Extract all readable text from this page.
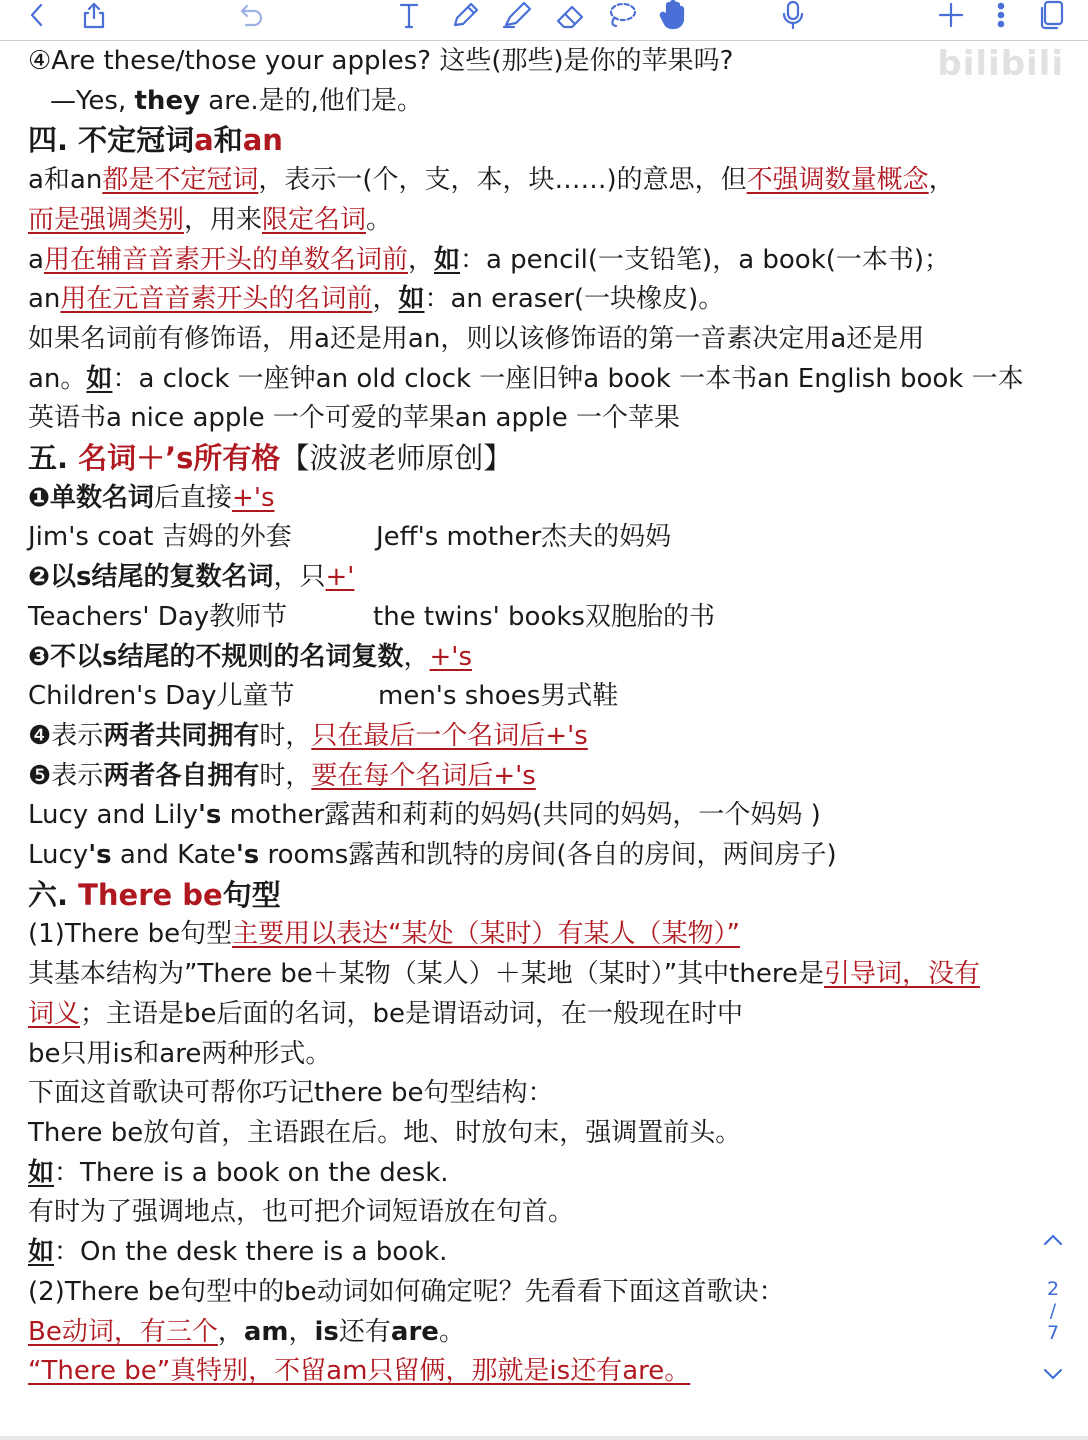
bilibili
④Are these/those your apples? 这些(那些)是你的苹果吗?
—Yes, they are.是的,他们是。
四. 不定冠词a和an
a和an都是不定冠词，表示一(个，支，本，块……)的意思，但不强调数量概念，
而是强调类别，用来限定名词。
a用在辅音音素开头的单数名词前，如：a pencil(一支铅笔)，a book(一本书)；
an用在元音音素开头的名词前，如：an eraser(一块橡皮)。
如果名词前有修饰语，用a还是用an，则以该修饰语的第一音素决定用a还是用
an。如：a clock 一座钟an old clock 一座旧钟a book 一本书an English book 一本
英语书a nice apple 一个可爱的苹果an apple 一个苹果
五. 名词＋’s所有格【波波老师原创】
❶单数名词后直接+'s
Jim's coat 吉姆的外套	Jeff's mother杰夫的妈妈
❷以s结尾的复数名词，只+'
Teachers' Day教师节	the twins' books双胞胎的书
❸不以s结尾的不规则的名词复数，+'s
Children's Day儿童节	men's shoes男式鞋
❹表示两者共同拥有时，只在最后一个名词后+'s
❺表示两者各自拥有时，要在每个名词后+'s
Lucy and Lily's mother露茜和莉莉的妈妈(共同的妈妈，一个妈妈 )
Lucy's and Kate's rooms露茜和凯特的房间(各自的房间，两间房子)
六. There be句型
(1)There be句型主要用以表达“某处（某时）有某人（某物）”
其基本结构为”There be＋某物（某人）＋某地（某时）”其中there是引导词，没有
词义；主语是be后面的名词，be是谓语动词，在一般现在时中
be只用is和are两种形式。
下面这首歌诀可帮你巧记there be句型结构：
There be放句首，主语跟在后。地、时放句末，强调置前头。
如：There is a book on the desk.
有时为了强调地点，也可把介词短语放在句首。
如：On the desk there is a book.
(2)There be句型中的be动词如何确定呢？先看看下面这首歌诀：
Be动词，有三个，am，is还有are。
“There be”真特别，不留am只留俩，那就是is还有are。
2
/
7
